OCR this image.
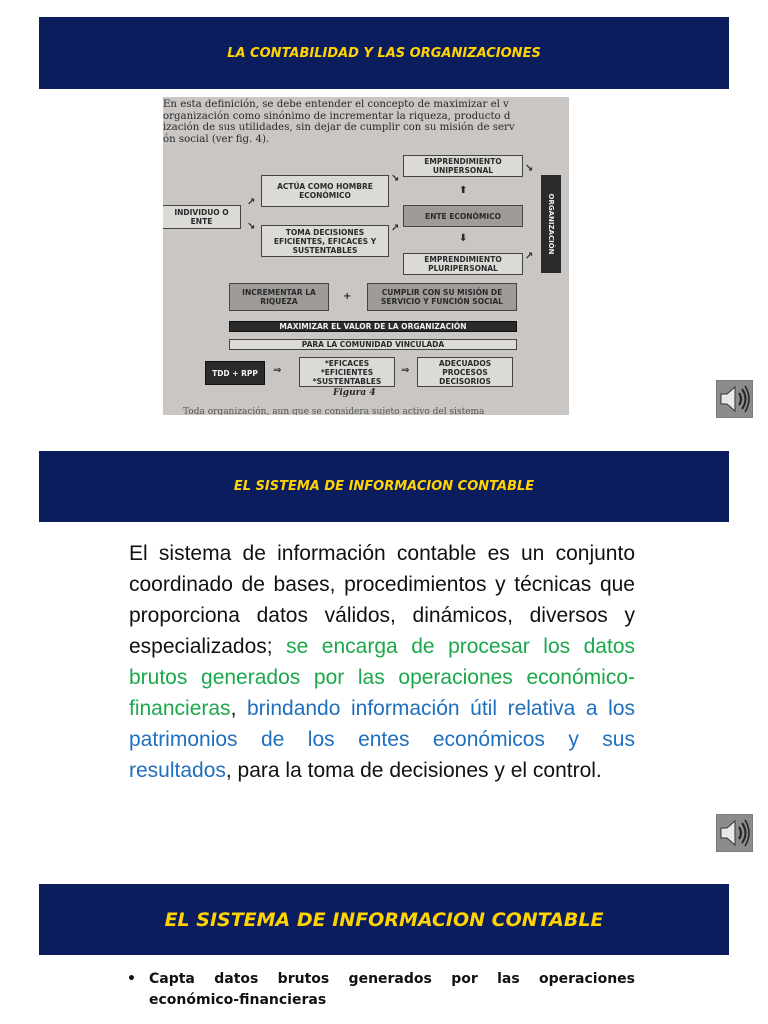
LA CONTABILIDAD Y LAS ORGANIZACIONES
En esta definición, se debe entender el concepto de maximizar el v
organización como sinónimo de incrementar la riqueza, producto d
ización de sus utilidades, sin dejar de cumplir con su misión de serv
ón social (ver fig. 4).
ACTÚA COMO HOMBRE ECONÓMICO
INDIVIDUO O ENTE
TOMA DECISIONES EFICIENTES, EFICACES Y SUSTENTABLES
EMPRENDIMIENTO UNIPERSONAL
ENTE ECONÓMICO
EMPRENDIMIENTO PLURIPERSONAL
ORGANIZACIÓN
↗
↘
↘
↗
⬆
⬇
↘
↗
INCREMENTAR LA RIQUEZA	+	CUMPLIR CON SU MISIÓN DE SERVICIO Y FUNCIÓN SOCIAL
MAXIMIZAR EL VALOR DE LA ORGANIZACIÓN
PARA LA COMUNIDAD VINCULADA
TDD + RPP	⇒
*EFICACES *EFICIENTES *SUSTENTABLES
⇒
ADECUADOS PROCESOS DECISORIOS
Figura 4
Toda organización, aun que se considera sujeto activo del sistema
EL SISTEMA DE INFORMACION CONTABLE
El sistema de información contable es un conjunto coordinado de bases, procedimientos y técnicas que proporciona datos válidos, dinámicos, diversos y especializados; se encarga de procesar los datos brutos generados por las operaciones económico-financieras, brindando información útil relativa a los patrimonios de los entes económicos y sus resultados, para la toma de decisiones y el control.
EL SISTEMA DE INFORMACION CONTABLE
• Capta datos brutos generados por las operaciones económico-financieras
